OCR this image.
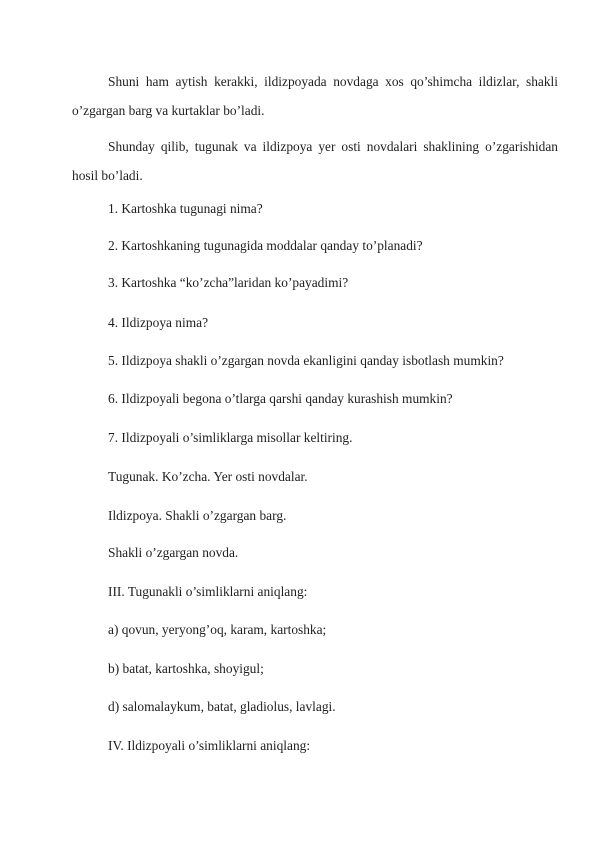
Shuni ham aytish kerakki, ildizpoyada novdaga xos qo’shimcha ildizlar, shakli o’zgargan barg va kurtaklar bo’ladi.

Shunday qilib, tugunak va ildizpoya yer osti novdalari shaklining o’zgarishidan hosil bo’ladi.

1. Kartoshka tugunagi nima?

2. Kartoshkaning tugunagida moddalar qanday to’planadi?

3. Kartoshka “ko’zcha”laridan ko’payadimi?

4. Ildizpoya nima?

5. Ildizpoya shakli o’zgargan novda ekanligini qanday isbotlash mumkin?

6. Ildizpoyali begona o’tlarga qarshi qanday kurashish mumkin?

7. Ildizpoyali o’simliklarga misollar keltiring.

Tugunak. Ko’zcha. Yer osti novdalar.

Ildizpoya. Shakli o’zgargan barg.

Shakli o’zgargan novda.

III. Tugunakli o’simliklarni aniqlang:

a) qovun, yeryong’oq, karam, kartoshka;

b) batat, kartoshka, shoyigul;

d) salomalaykum, batat, gladiolus, lavlagi.

IV. Ildizpoyali o’simliklarni aniqlang:
